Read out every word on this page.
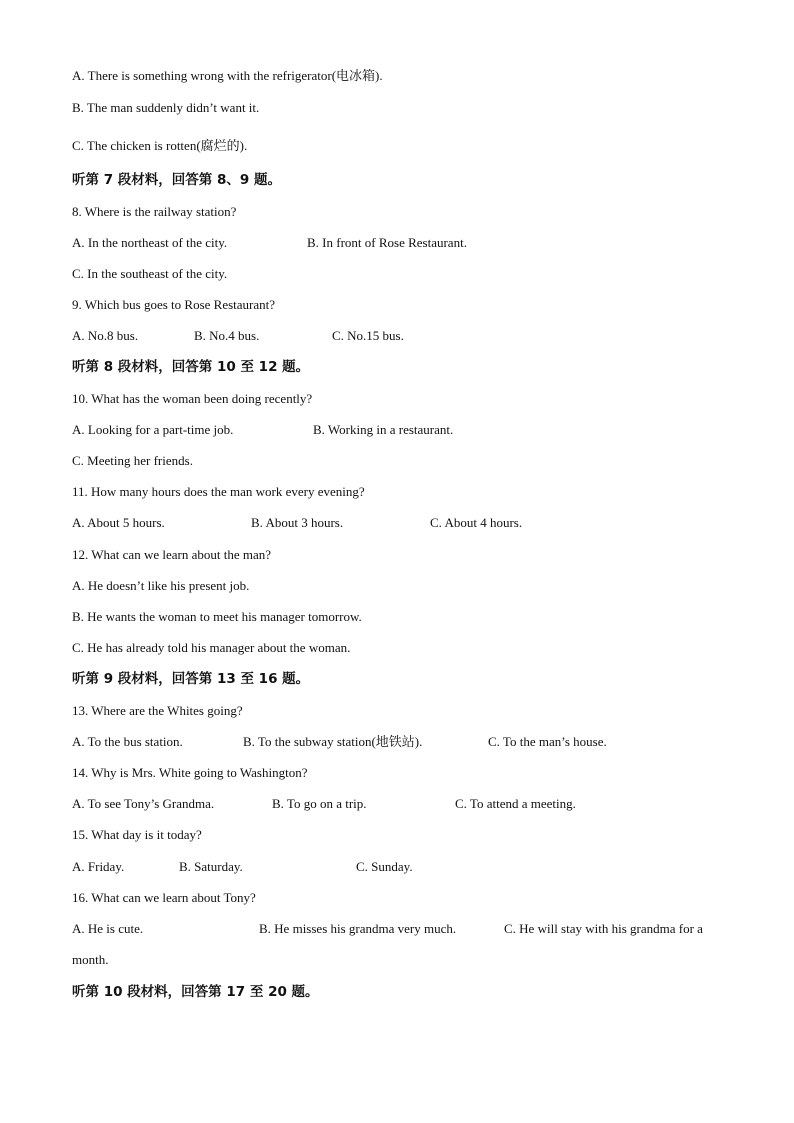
A. There is something wrong with the refrigerator(电冰箱).
B. The man suddenly didn’t want it.
C. The chicken is rotten(腐烂的).
听第 7 段材料，回答第 8、9 题。
8. Where is the railway station?
A. In the northeast of the city.	B. In front of Rose Restaurant.
C. In the southeast of the city.
9. Which bus goes to Rose Restaurant?
A. No.8 bus.	B. No.4 bus.	C. No.15 bus.
听第 8 段材料，回答第 10 至 12 题。
10. What has the woman been doing recently?
A. Looking for a part-time job.	B. Working in a restaurant.
C. Meeting her friends.
11. How many hours does the man work every evening?
A. About 5 hours.	B. About 3 hours.	C. About 4 hours.
12. What can we learn about the man?
A. He doesn’t like his present job.
B. He wants the woman to meet his manager tomorrow.
C. He has already told his manager about the woman.
听第 9 段材料，回答第 13 至 16 题。
13. Where are the Whites going?
A. To the bus station.	B. To the subway station(地铁站).	C. To the man’s house.
14. Why is Mrs. White going to Washington?
A. To see Tony’s Grandma.	B. To go on a trip.	C. To attend a meeting.
15. What day is it today?
A. Friday.	B. Saturday.	C. Sunday.
16. What can we learn about Tony?
A. He is cute.	B. He misses his grandma very much.	C. He will stay with his grandma for a
month.
听第 10 段材料，回答第 17 至 20 题。
